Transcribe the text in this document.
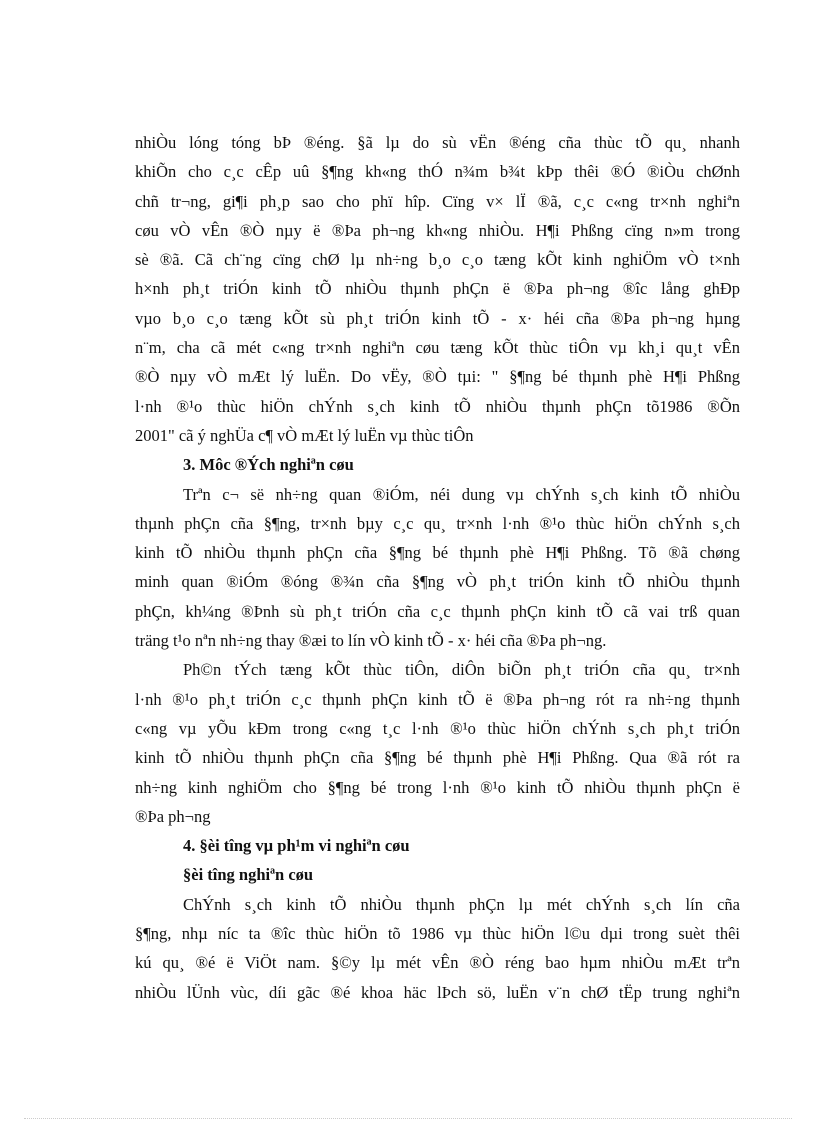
nhiÒu lóng tóng bÞ ®éng. §ã lµ do sù vËn ®éng cña thùc tÕ qu¸ nhanh
khiÕn cho c¸c cÊp uû §¶ng kh«ng thÓ n¾m b¾t kÞp thêi ®Ó ®iÒu chØnh
chñ tr¬ng, gi¶i ph¸p sao cho phï hîp. Cïng v× lÏ ®ã, c¸c c«ng tr×nh nghiªn
cøu vÒ vÊn ®Ò nµy ë ®Þa ph¬ng kh«ng nhiÒu. H¶i Phßng cïng n»m trong
sè ®ã. Cã ch¨ng cïng chØ lµ nh÷ng b¸o c¸o tæng kÕt kinh nghiÖm vÒ t×nh
h×nh ph¸t triÓn kinh tÕ nhiÒu thµnh phÇn ë ®Þa ph¬ng ®îc lång ghÐp
vµo b¸o c¸o tæng kÕt sù ph¸t triÓn kinh tÕ - x· héi cña ®Þa ph¬ng hµng
n¨m, cha cã mét c«ng tr×nh nghiªn cøu tæng kÕt thùc tiÔn vµ kh¸i qu¸t vÊn
®Ò nµy vÒ mÆt lý luËn. Do vËy, ®Ò tµi: " §¶ng bé thµnh phè H¶i Phßng
l·nh ®¹o thùc hiÖn chÝnh s¸ch kinh tÕ nhiÒu thµnh phÇn tõ1986 ®Õn
2001" cã ý nghÜa c¶ vÒ mÆt lý luËn vµ thùc tiÔn
3. Môc ®Ých nghiªn cøu
Trªn c¬ së nh÷ng quan ®iÓm, néi dung vµ chÝnh s¸ch kinh tÕ nhiÒu
thµnh phÇn cña §¶ng, tr×nh bµy c¸c qu¸ tr×nh l·nh ®¹o thùc hiÖn chÝnh s¸ch
kinh tÕ nhiÒu thµnh phÇn cña §¶ng bé thµnh phè H¶i Phßng. Tõ ®ã chøng
minh quan ®iÓm ®óng ®¾n cña §¶ng vÒ ph¸t triÓn kinh tÕ nhiÒu thµnh
phÇn, kh¼ng ®Þnh sù ph¸t triÓn cña c¸c thµnh phÇn kinh tÕ cã vai trß quan
träng t¹o nªn nh÷ng thay ®æi to lín vÒ kinh tÕ - x· héi cña ®Þa ph¬ng.
Ph©n tÝch tæng kÕt thùc tiÔn, diÔn biÕn ph¸t triÓn cña qu¸ tr×nh
l·nh ®¹o ph¸t triÓn c¸c thµnh phÇn kinh tÕ ë ®Þa ph¬ng rót ra nh÷ng thµnh
c«ng vµ yÕu kÐm trong c«ng t¸c l·nh ®¹o thùc hiÖn chÝnh s¸ch ph¸t triÓn
kinh tÕ nhiÒu thµnh phÇn cña §¶ng bé thµnh phè H¶i Phßng. Qua ®ã rót ra
nh÷ng kinh nghiÖm cho §¶ng bé trong l·nh ®¹o kinh tÕ nhiÒu thµnh phÇn ë
®Þa ph¬ng
4. §èi tîng vµ ph¹m vi nghiªn cøu
§èi tîng nghiªn cøu
ChÝnh s¸ch kinh tÕ nhiÒu thµnh phÇn lµ mét chÝnh s¸ch lín cña
§¶ng, nhµ níc ta ®îc thùc hiÖn tõ 1986 vµ thùc hiÖn l©u dµi trong suèt thêi
kú qu¸ ®é ë ViÖt nam. §©y lµ mét vÊn ®Ò réng bao hµm nhiÒu mÆt trªn
nhiÒu lÜnh vùc, díi gãc ®é khoa häc lÞch sö, luËn v¨n chØ tËp trung nghiªn
